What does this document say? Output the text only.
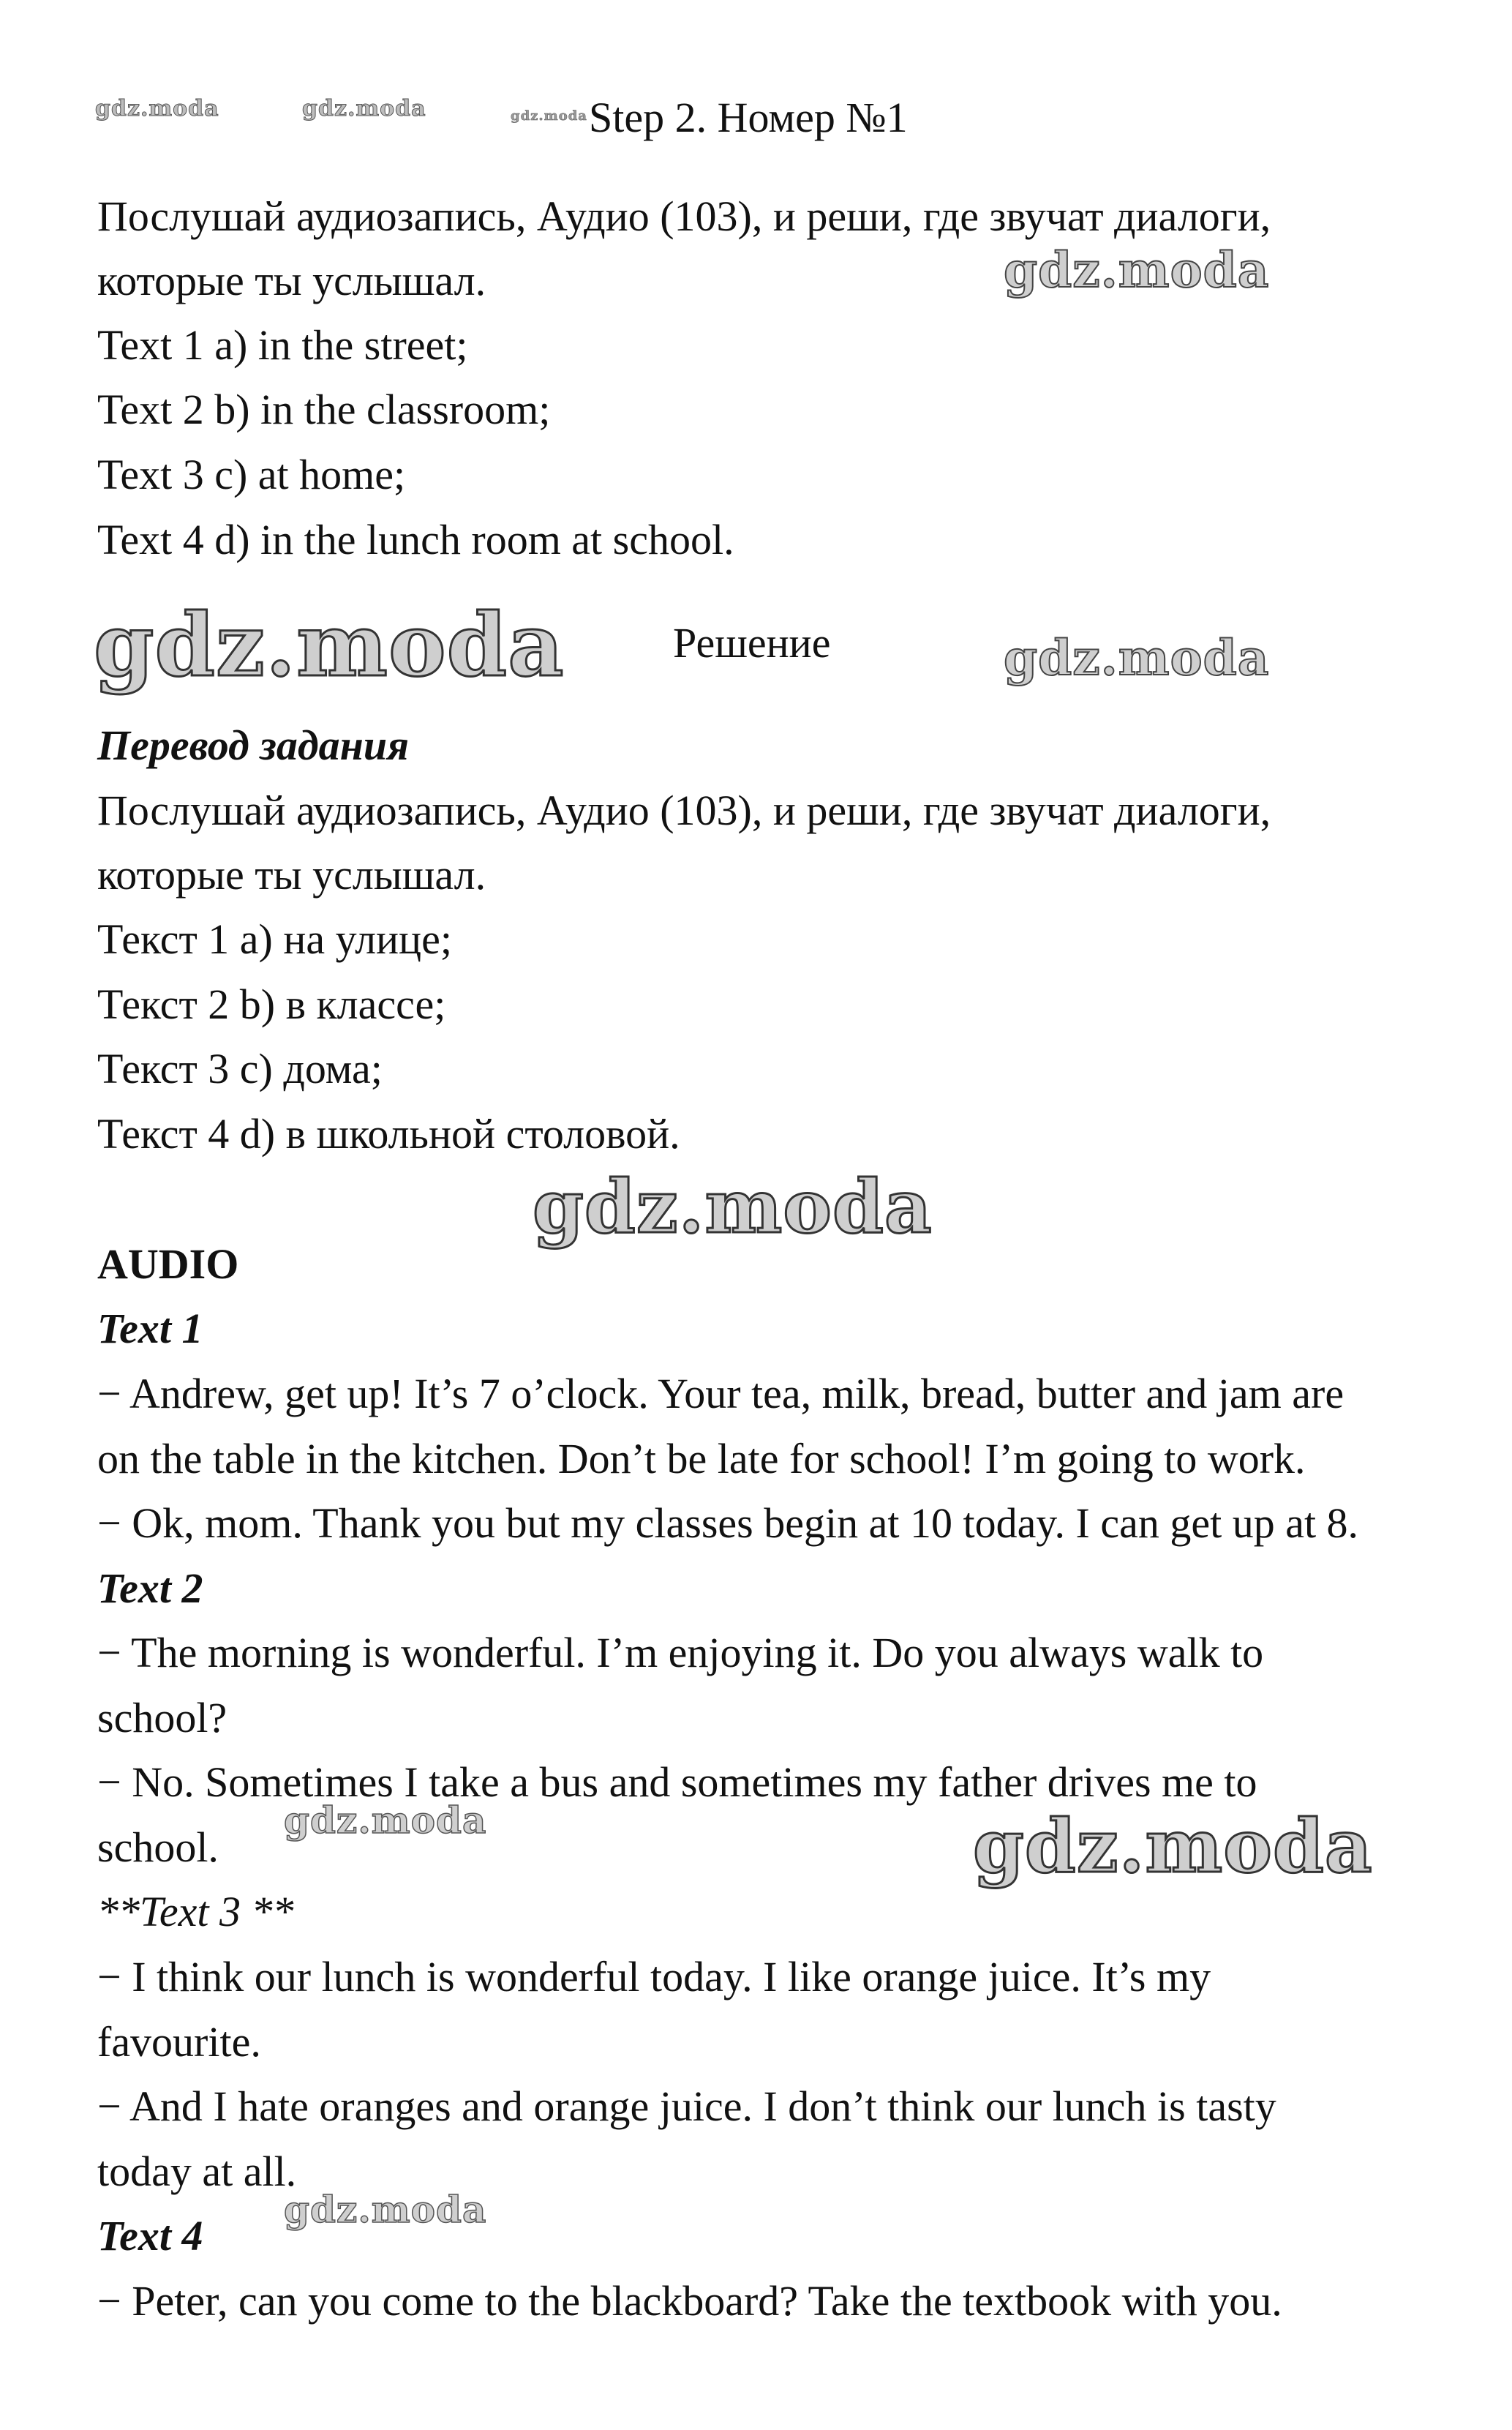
gdz.moda	gdz.moda	gdz.moda Step 2. Номер №1
Послушай аудиозапись, Аудио (103), и реши, где звучат диалоги,
которые ты услышал.	gdz.moda
Text 1 a) in the street;
Text 2 b) in the classroom;
Text 3 c) at home;
Text 4 d) in the lunch room at school.
gdz.moda	Решение	gdz.moda
Перевод задания
Послушай аудиозапись, Аудио (103), и реши, где звучат диалоги,
которые ты услышал.
Текст 1 a) на улице;
Текст 2 b) в классе;
Текст 3 c) дома;
Текст 4 d) в школьной столовой.
gdz.moda
AUDIO
Text 1
− Andrew, get up! It’s 7 o’clock. Your tea, milk, bread, butter and jam are
on the table in the kitchen. Don’t be late for school! I’m going to work.
− Ok, mom. Thank you but my classes begin at 10 today. I can get up at 8.
Text 2
− The morning is wonderful. I’m enjoying it. Do you always walk to
school?
− No. Sometimes I take a bus and sometimes my father drives me to
school.
gdz.moda	gdz.moda
**Text 3 **
− I think our lunch is wonderful today. I like orange juice. It’s my
favourite.
− And I hate oranges and orange juice. I don’t think our lunch is tasty
today at all.
Text 4
gdz.moda
− Peter, can you come to the blackboard? Take the textbook with you.
